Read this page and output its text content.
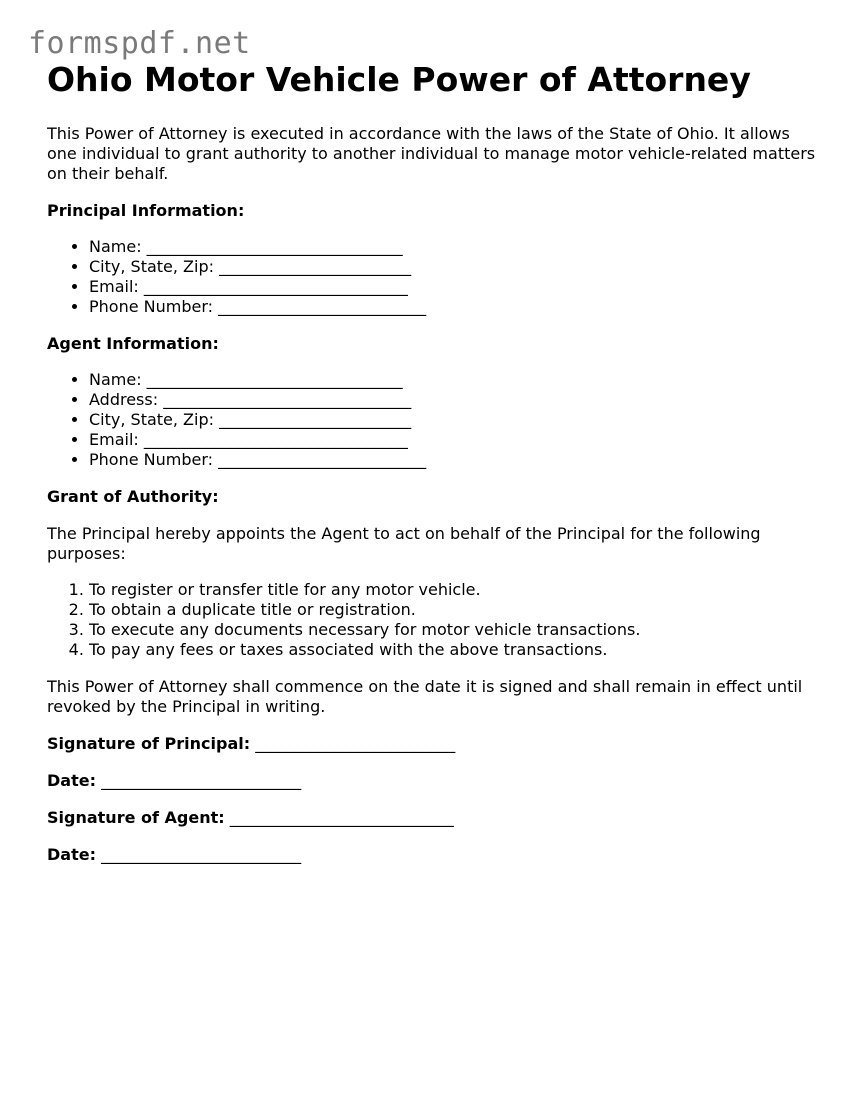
formspdf.net
Ohio Motor Vehicle Power of Attorney

This Power of Attorney is executed in accordance with the laws of the State of Ohio. It allows one individual to grant authority to another individual to manage motor vehicle-related matters on their behalf.

Principal Information:

• Name: ________________________________
• City, State, Zip: ________________________
• Email: _________________________________
• Phone Number: __________________________

Agent Information:

• Name: ________________________________
• Address: _______________________________
• City, State, Zip: ________________________
• Email: _________________________________
• Phone Number: __________________________

Grant of Authority:

The Principal hereby appoints the Agent to act on behalf of the Principal for the following purposes:

1. To register or transfer title for any motor vehicle.
2. To obtain a duplicate title or registration.
3. To execute any documents necessary for motor vehicle transactions.
4. To pay any fees or taxes associated with the above transactions.

This Power of Attorney shall commence on the date it is signed and shall remain in effect until revoked by the Principal in writing.

Signature of Principal: _________________________

Date: _________________________

Signature of Agent: ____________________________

Date: _________________________
